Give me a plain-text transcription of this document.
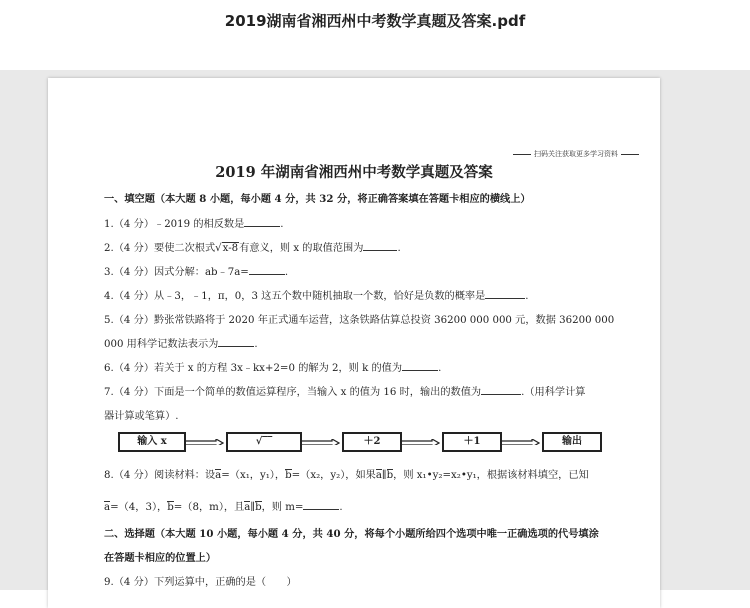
2019湖南省湘西州中考数学真题及答案.pdf
扫码关注获取更多学习资料
2019 年湖南省湘西州中考数学真题及答案
一、填空题（本大题 8 小题，每小题 4 分，共 32 分，将正确答案填在答题卡相应的横线上）
1.（4 分）﹣2019 的相反数是	.
2.（4 分）要使二次根式√x-8有意义，则 x 的取值范围为	.
3.（4 分）因式分解：ab﹣7a=	.
4.（4 分）从﹣3，﹣1，π，0，3 这五个数中随机抽取一个数，恰好是负数的概率是	.
5.（4 分）黔张常铁路将于 2020 年正式通车运营，这条铁路估算总投资 36200 000 000 元，数据 36200 000
000 用科学记数法表示为	.
6.（4 分）若关于 x 的方程 3x﹣kx+2=0 的解为 2，则 k 的值为	.
7.（4 分）下面是一个简单的数值运算程序，当输入 x 的值为 16 时，输出的数值为	.（用科学计算
器计算或笔算）.
输入 x	√‾‾	＋2	＋1	输出
8.（4 分）阅读材料：设a=（x₁，y₁），b=（x₂，y₂），如果a∥b，则 x₁•y₂=x₂•y₁，根据该材料填空，已知
a=（4，3），b=（8，m），且a∥b，则 m=	.
二、选择题（本大题 10 小题，每小题 4 分，共 40 分，将每个小题所给四个选项中唯一正确选项的代号填涂
在答题卡相应的位置上）
9.（4 分）下列运算中，正确的是（　　）
